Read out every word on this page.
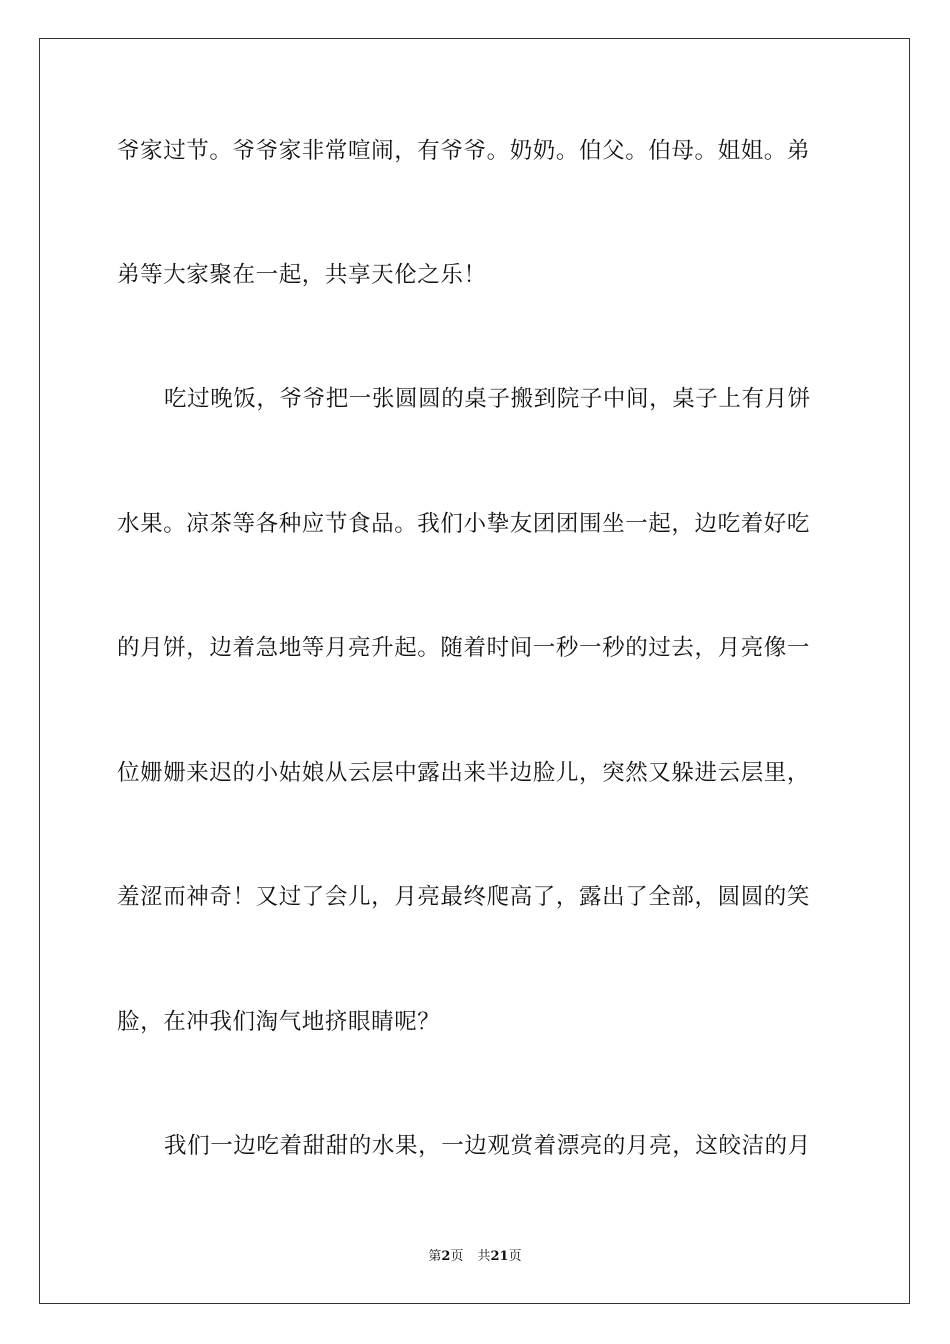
爷家过节。爷爷家非常喧闹，有爷爷。奶奶。伯父。伯母。姐姐。弟
弟等大家聚在一起，共享天伦之乐！
吃过晚饭，爷爷把一张圆圆的桌子搬到院子中间，桌子上有月饼
水果。凉茶等各种应节食品。我们小挚友团团围坐一起，边吃着好吃
的月饼，边着急地等月亮升起。随着时间一秒一秒的过去，月亮像一
位姗姗来迟的小姑娘从云层中露出来半边脸儿，突然又躲进云层里，
羞涩而神奇！又过了会儿，月亮最终爬高了，露出了全部，圆圆的笑
脸，在冲我们淘气地挤眼睛呢？
我们一边吃着甜甜的水果，一边观赏着漂亮的月亮，这皎洁的月
第2页 共21页
